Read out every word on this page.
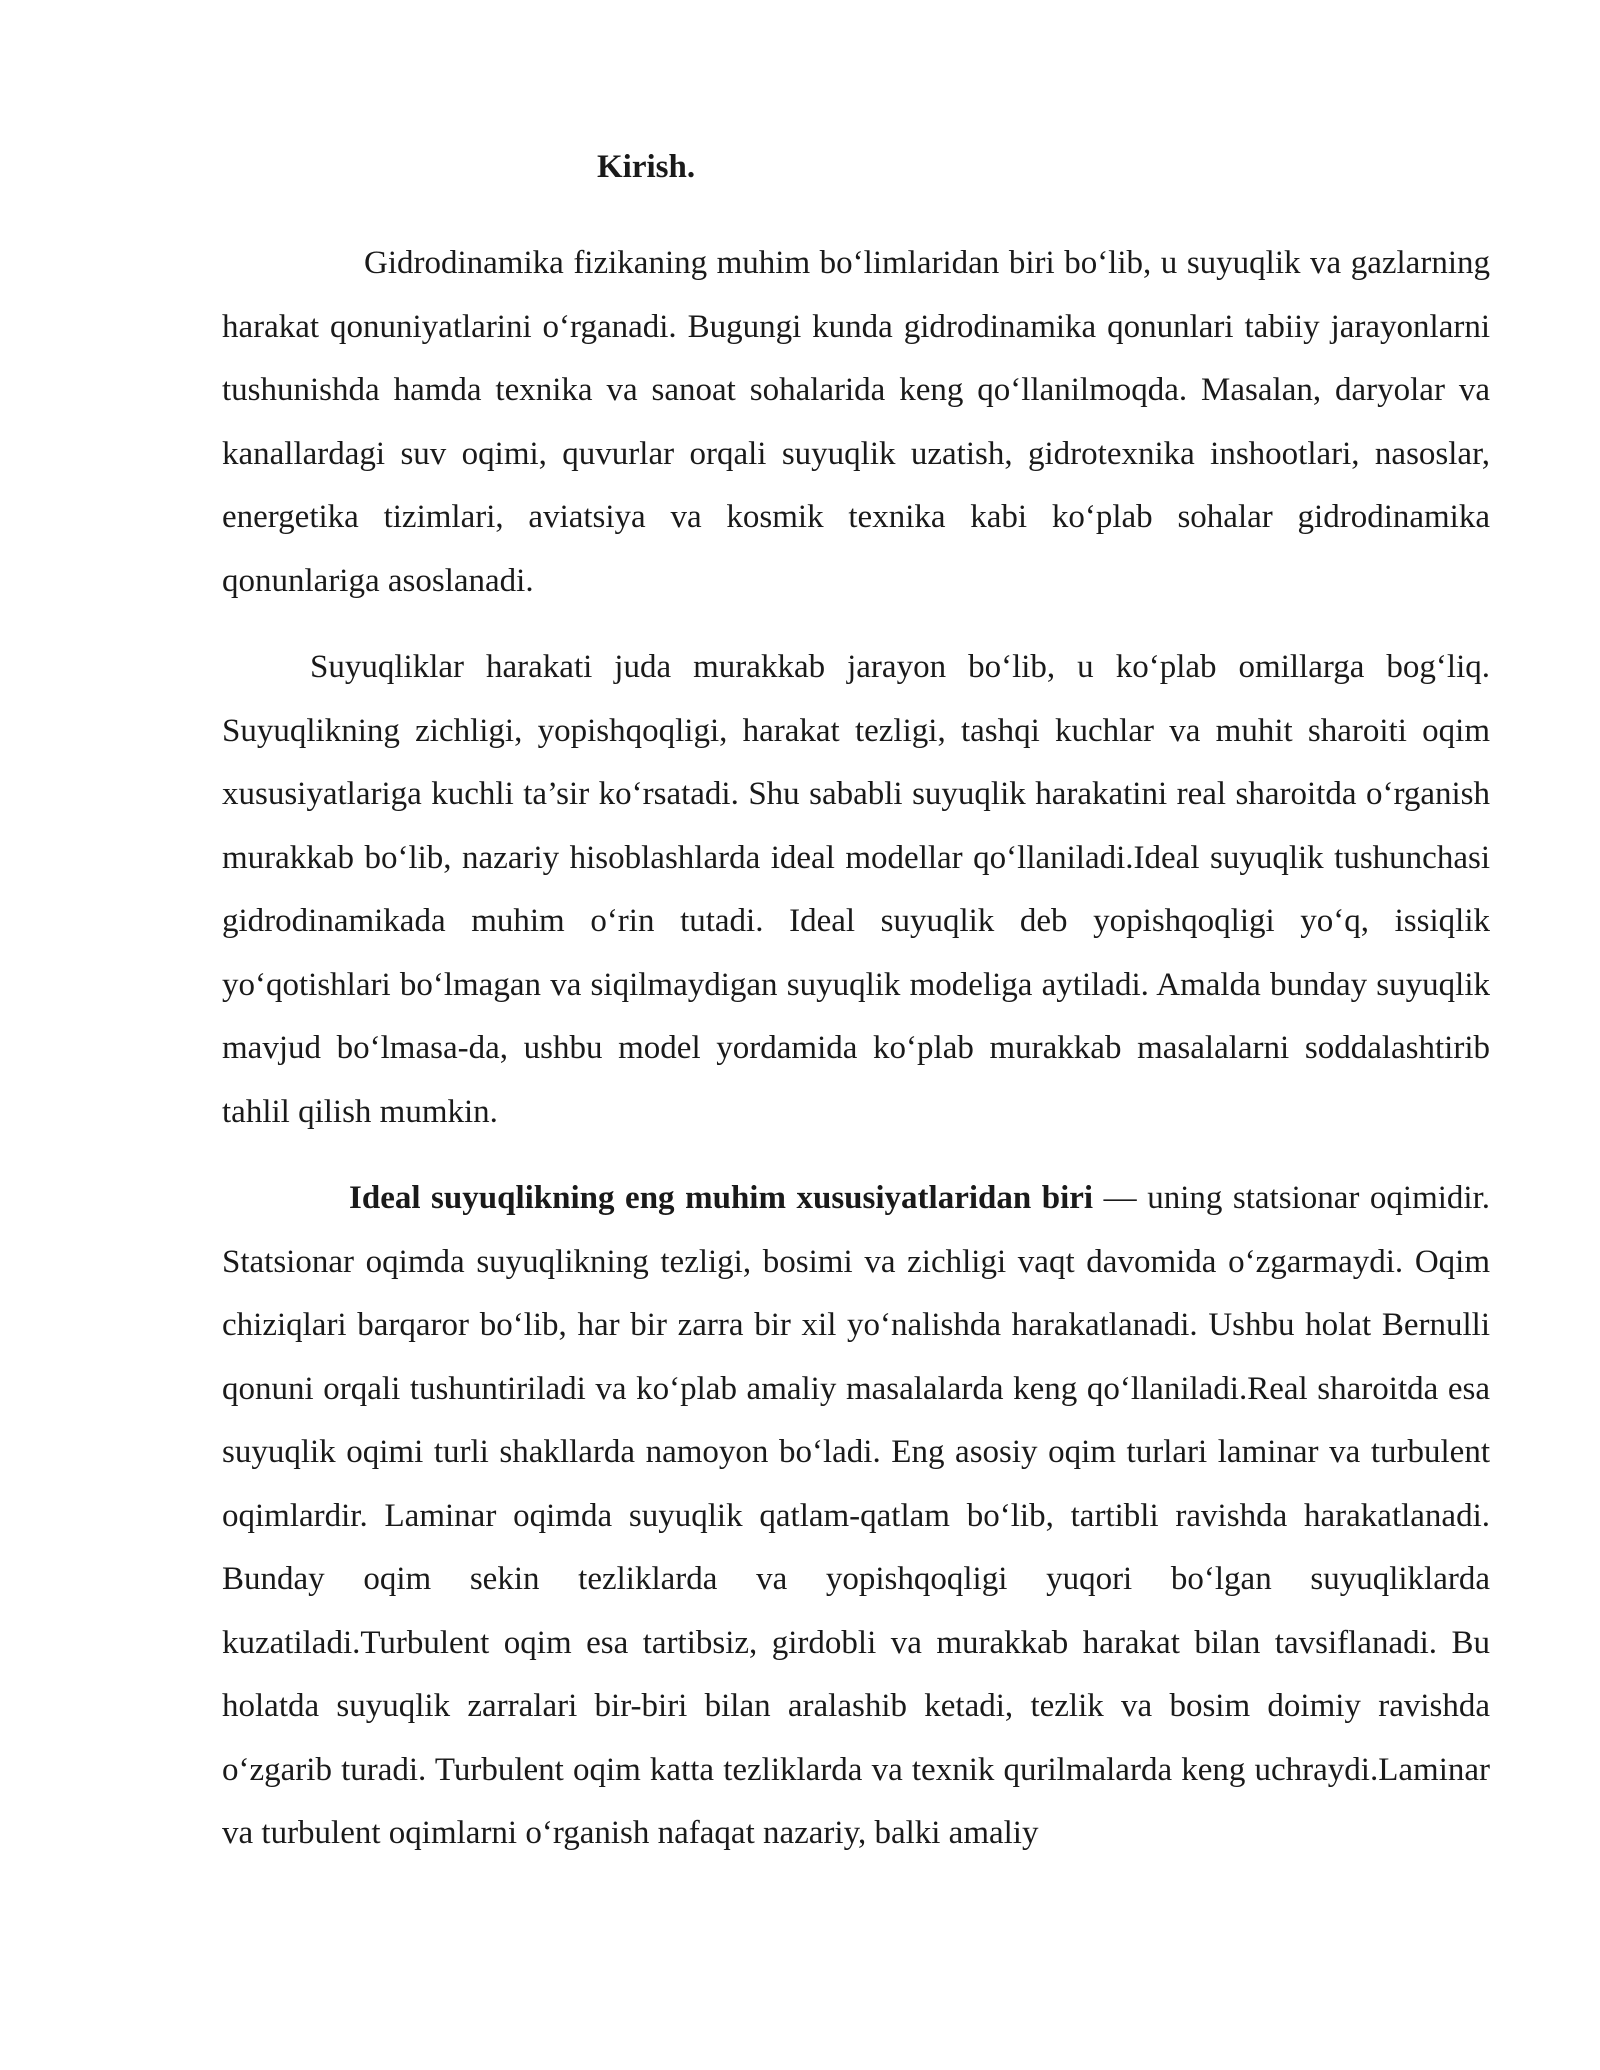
Kirish.

Gidrodinamika fizikaning muhim bo‘limlaridan biri bo‘lib, u suyuqlik va gazlarning harakat qonuniyatlarini o‘rganadi. Bugungi kunda gidrodinamika qonunlari tabiiy jarayonlarni tushunishda hamda texnika va sanoat sohalarida keng qo‘llanilmoqda. Masalan, daryolar va kanallardagi suv oqimi, quvurlar orqali suyuqlik uzatish, gidrotexnika inshootlari, nasoslar, energetika tizimlari, aviatsiya va kosmik texnika kabi ko‘plab sohalar gidrodinamika qonunlariga asoslanadi.

Suyuqliklar harakati juda murakkab jarayon bo‘lib, u ko‘plab omillarga bog‘liq. Suyuqlikning zichligi, yopishqoqligi, harakat tezligi, tashqi kuchlar va muhit sharoiti oqim xususiyatlariga kuchli ta’sir ko‘rsatadi. Shu sababli suyuqlik harakatini real sharoitda o‘rganish murakkab bo‘lib, nazariy hisoblashlarda ideal modellar qo‘llaniladi.Ideal suyuqlik tushunchasi gidrodinamikada muhim o‘rin tutadi. Ideal suyuqlik deb yopishqoqligi yo‘q, issiqlik yo‘qotishlari bo‘lmagan va siqilmaydigan suyuqlik modeliga aytiladi. Amalda bunday suyuqlik mavjud bo‘lmasa-da, ushbu model yordamida ko‘plab murakkab masalalarni soddalashtirib tahlil qilish mumkin.

Ideal suyuqlikning eng muhim xususiyatlaridan biri — uning statsionar oqimidir. Statsionar oqimda suyuqlikning tezligi, bosimi va zichligi vaqt davomida o‘zgarmaydi. Oqim chiziqlari barqaror bo‘lib, har bir zarra bir xil yo‘nalishda harakatlanadi. Ushbu holat Bernulli qonuni orqali tushuntiriladi va ko‘plab amaliy masalalarda keng qo‘llaniladi.Real sharoitda esa suyuqlik oqimi turli shakllarda namoyon bo‘ladi. Eng asosiy oqim turlari laminar va turbulent oqimlardir. Laminar oqimda suyuqlik qatlam-qatlam bo‘lib, tartibli ravishda harakatlanadi. Bunday oqim sekin tezliklarda va yopishqoqligi yuqori bo‘lgan suyuqliklarda kuzatiladi.Turbulent oqim esa tartibsiz, girdobli va murakkab harakat bilan tavsiflanadi. Bu holatda suyuqlik zarralari bir-biri bilan aralashib ketadi, tezlik va bosim doimiy ravishda o‘zgarib turadi. Turbulent oqim katta tezliklarda va texnik qurilmalarda keng uchraydi.Laminar va turbulent oqimlarni o‘rganish nafaqat nazariy, balki amaliy
